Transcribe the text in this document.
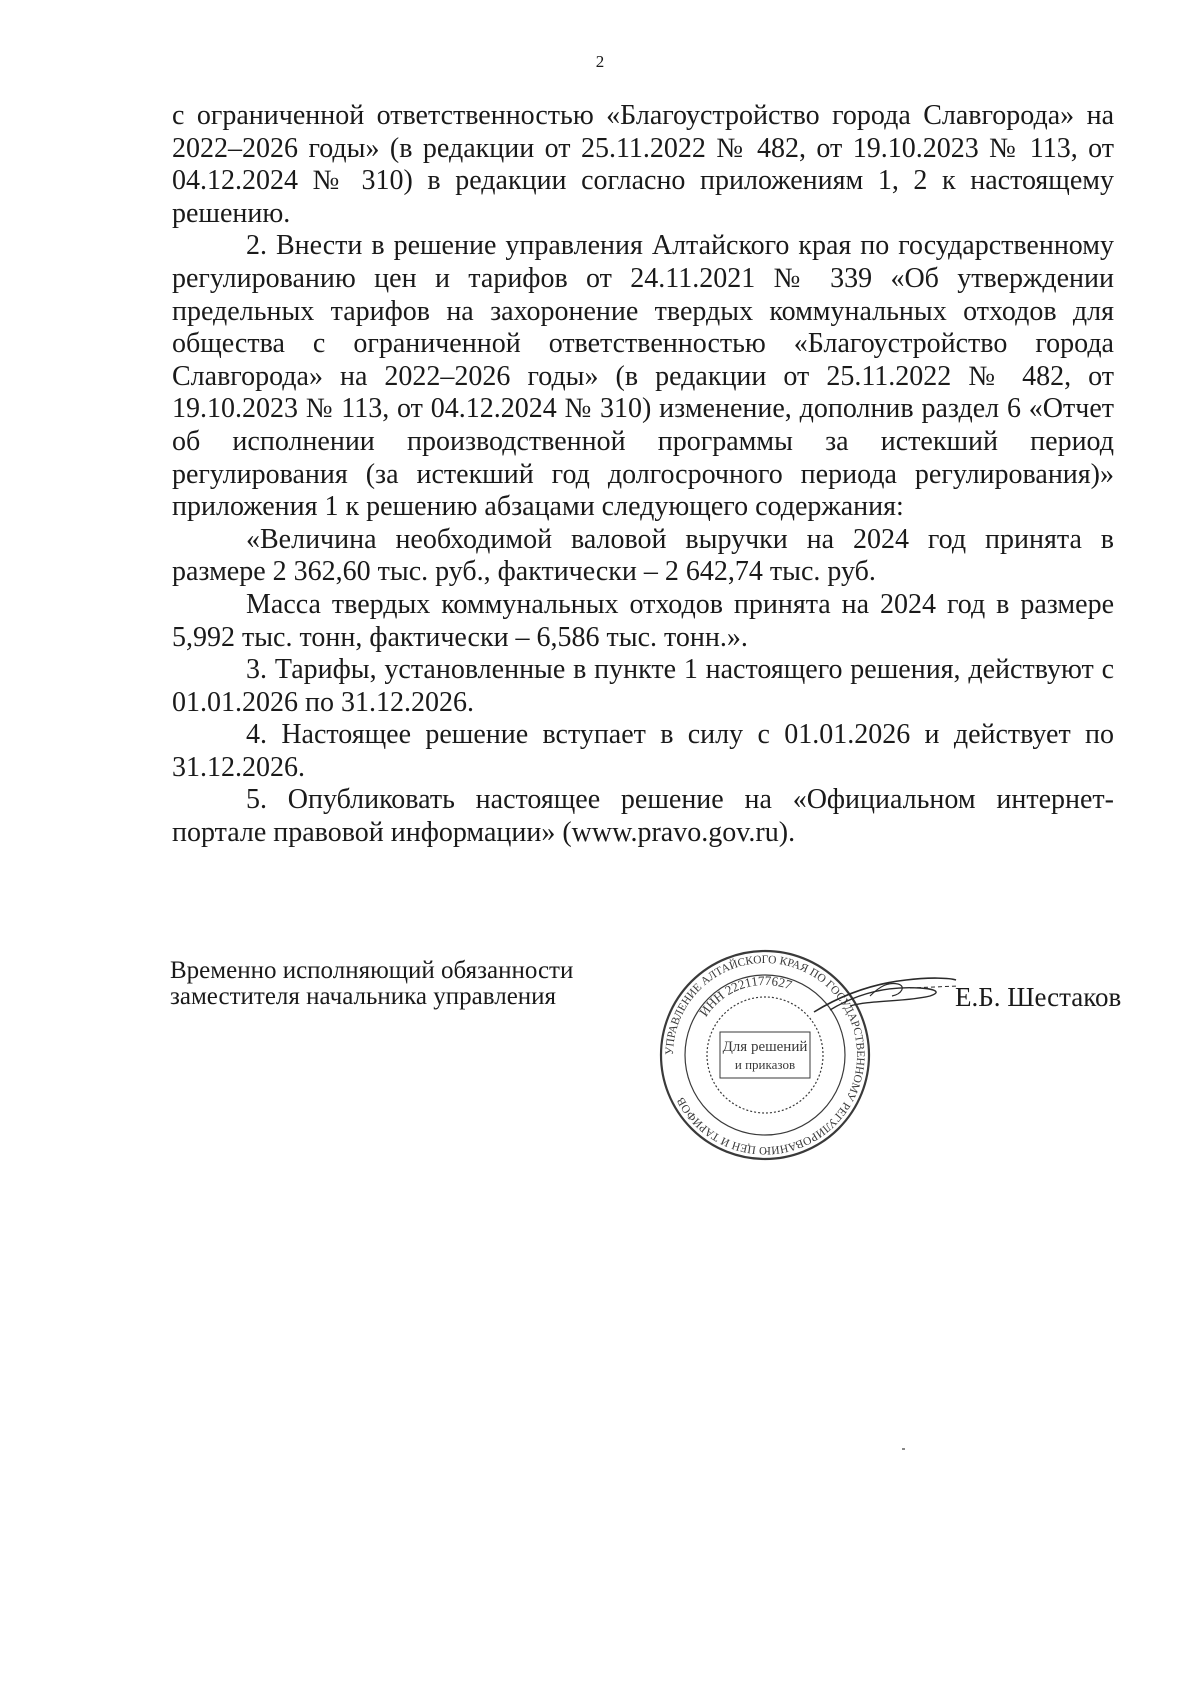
2

с ограниченной ответственностью «Благоустройство города Славгорода» на 2022–2026 годы» (в редакции от 25.11.2022 № 482, от 19.10.2023 № 113, от 04.12.2024 № 310) в редакции согласно приложениям 1, 2 к настоящему решению.

2. Внести в решение управления Алтайского края по государственному регулированию цен и тарифов от 24.11.2021 № 339 «Об утверждении предельных тарифов на захоронение твердых коммунальных отходов для общества с ограниченной ответственностью «Благоустройство города Славгорода» на 2022–2026 годы» (в редакции от 25.11.2022 № 482, от 19.10.2023 № 113, от 04.12.2024 № 310) изменение, дополнив раздел 6 «Отчет об исполнении производственной программы за истекший период регулирования (за истекший год долгосрочного периода регулирования)» приложения 1 к решению абзацами следующего содержания:

«Величина необходимой валовой выручки на 2024 год принята в размере 2 362,60 тыс. руб., фактически – 2 642,74 тыс. руб.

Масса твердых коммунальных отходов принята на 2024 год в размере 5,992 тыс. тонн, фактически – 6,586 тыс. тонн.».

3. Тарифы, установленные в пункте 1 настоящего решения, действуют с 01.01.2026 по 31.12.2026.

4. Настоящее решение вступает в силу с 01.01.2026 и действует по 31.12.2026.

5. Опубликовать настоящее решение на «Официальном интернет-портале правовой информации» (www.pravo.gov.ru).

Временно исполняющий обязанности
заместителя начальника управления
УПРАВЛЕНИЕ АЛТАЙСКОГО КРАЯ ПО ГОСУДАРСТВЕННОМУ РЕГУЛИРОВАНИЮ ЦЕН И ТАРИФОВ
ИНН 2221177627
Для решений
и приказов
Е.Б. Шестаков
